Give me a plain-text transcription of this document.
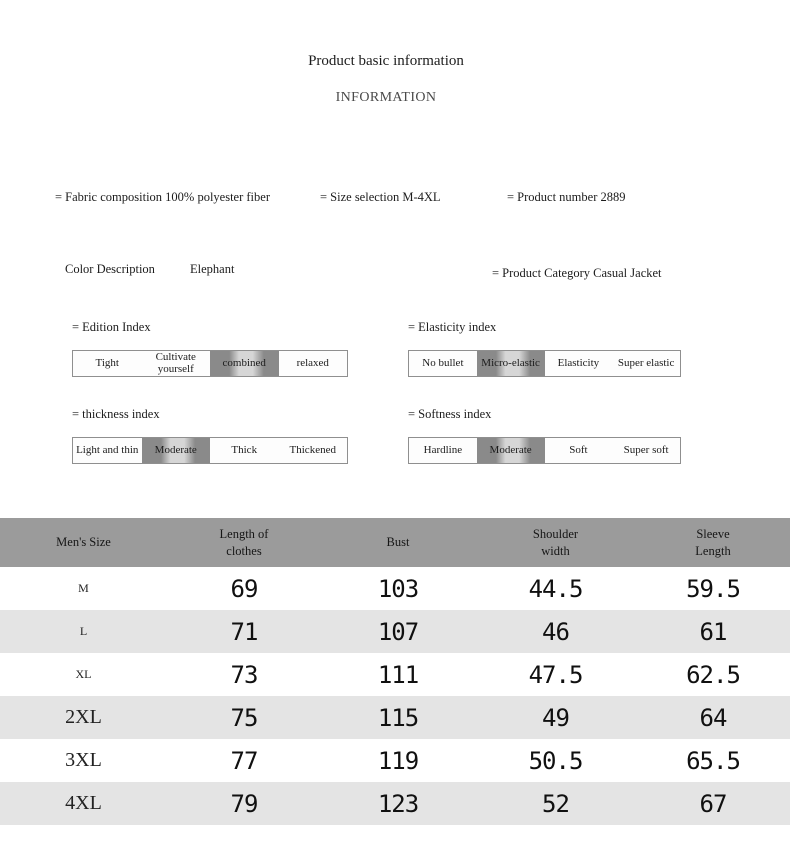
Product basic information
INFORMATION
= Fabric composition 100% polyester fiber	= Size selection M-4XL	= Product number 2889
Color Description	Elephant	= Product Category Casual Jacket
= Edition Index
Tight	Cultivate yourself	combined	relaxed
= Elasticity index
No bullet	Micro-elastic	Elasticity	Super elastic
= thickness index
Light and thin	Moderate	Thick	Thickened
= Softness index
Hardline	Moderate	Soft	Super soft
Men's Size	Length of clothes	Bust	Shoulder width	Sleeve Length
M	69	103	44.5	59.5
L	71	107	46	61
XL	73	111	47.5	62.5
2XL	75	115	49	64
3XL	77	119	50.5	65.5
4XL	79	123	52	67
